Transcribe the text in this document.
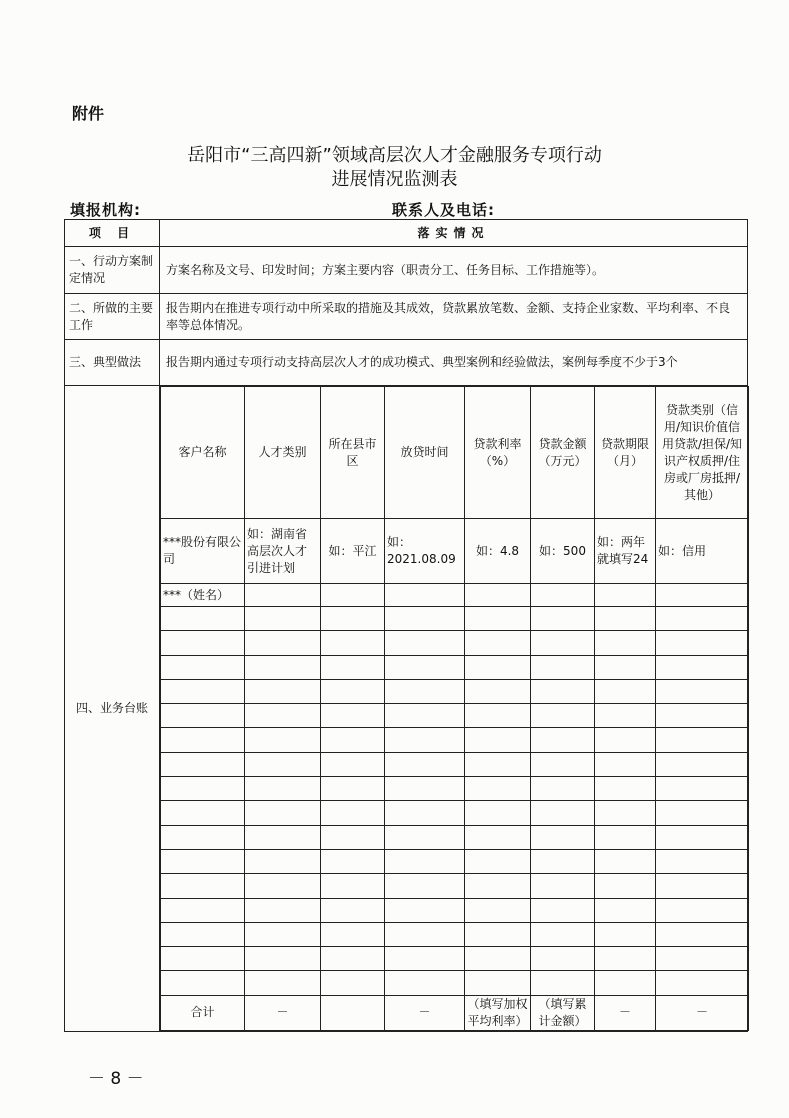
附件
岳阳市“三高四新”领域高层次人才金融服务专项行动
进展情况监测表
填报机构:	联系人及电话:
项 目	落实情况
一、行动方案制定情况	方案名称及文号、印发时间；方案主要内容（职责分工、任务目标、工作措施等）。
二、所做的主要工作	报告期内在推进专项行动中所采取的措施及其成效，贷款累放笔数、金额、支持企业家数、平均利率、不良率等总体情况。
三、典型做法	报告期内通过专项行动支持高层次人才的成功模式、典型案例和经验做法，案例每季度不少于3个
四、业务台账	
客户名称	人才类别	所在县市区	放贷时间	贷款利率（%）	贷款金额（万元）	贷款期限（月）	贷款类别（信用/知识价值信用贷款/担保/知识产权质押/住房或厂房抵押/其他）
***股份有限公司	如：湖南省高层次人才引进计划	如：平江	如：2021.08.09	如：4.8	如：500	如：两年就填写24	如：信用
***（姓名）							

合计	－		－	（填写加权平均利率）	（填写累计金额）	－	－
－ 8 －
